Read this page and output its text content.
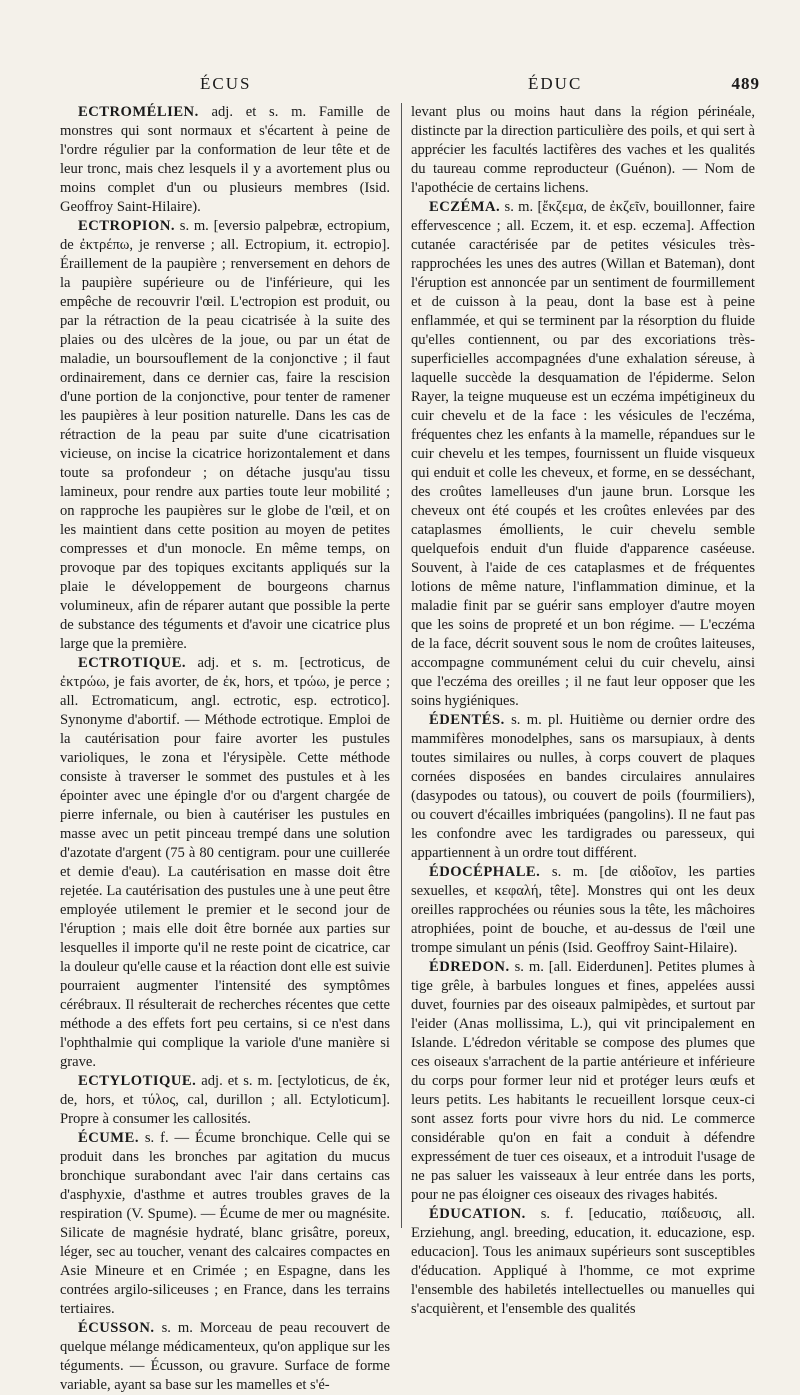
ÉCUS	ÉDUC	489

ECTROMÉLIEN. adj. et s. m. Famille de monstres qui sont normaux et s'écartent à peine de l'ordre régulier par la conformation de leur tête et de leur tronc, mais chez lesquels il y a avortement plus ou moins complet d'un ou plusieurs membres (Isid. Geoffroy Saint-Hilaire).

ECTROPION. s. m. [eversio palpebræ, ectropium, de ἐκτρέπω, je renverse ; all. Ectropium, it. ectropio]. Éraillement de la paupière ; renversement en dehors de la paupière supérieure ou de l'inférieure, qui les empêche de recouvrir l'œil. L'ectropion est produit, ou par la rétraction de la peau cicatrisée à la suite des plaies ou des ulcères de la joue, ou par un état de maladie, un boursouflement de la conjonctive ; il faut ordinairement, dans ce dernier cas, faire la rescision d'une portion de la conjonctive, pour tenter de ramener les paupières à leur position naturelle. Dans les cas de rétraction de la peau par suite d'une cicatrisation vicieuse, on incise la cicatrice horizontalement et dans toute sa profondeur ; on détache jusqu'au tissu lamineux, pour rendre aux parties toute leur mobilité ; on rapproche les paupières sur le globe de l'œil, et on les maintient dans cette position au moyen de petites compresses et d'un monocle. En même temps, on provoque par des topiques excitants appliqués sur la plaie le développement de bourgeons charnus volumineux, afin de réparer autant que possible la perte de substance des téguments et d'avoir une cicatrice plus large que la première.

ECTROTIQUE. adj. et s. m. [ectroticus, de ἐκτρώω, je fais avorter, de ἐκ, hors, et τρώω, je perce ; all. Ectromaticum, angl. ectrotic, esp. ectrotico]. Synonyme d'abortif. — Méthode ectrotique. Emploi de la cautérisation pour faire avorter les pustules varioliques, le zona et l'érysipèle. Cette méthode consiste à traverser le sommet des pustules et à les épointer avec une épingle d'or ou d'argent chargée de pierre infernale, ou bien à cautériser les pustules en masse avec un petit pinceau trempé dans une solution d'azotate d'argent (75 à 80 centigram. pour une cuillerée et demie d'eau). La cautérisation en masse doit être rejetée. La cautérisation des pustules une à une peut être employée utilement le premier et le second jour de l'éruption ; mais elle doit être bornée aux parties sur lesquelles il importe qu'il ne reste point de cicatrice, car la douleur qu'elle cause et la réaction dont elle est suivie pourraient augmenter l'intensité des symptômes cérébraux. Il résulterait de recherches récentes que cette méthode a des effets fort peu certains, si ce n'est dans l'ophthalmie qui complique la variole d'une manière si grave.

ECTYLOTIQUE. adj. et s. m. [ectyloticus, de ἐκ, de, hors, et τύλος, cal, durillon ; all. Ectyloticum]. Propre à consumer les callosités.

ÉCUME. s. f. — Écume bronchique. Celle qui se produit dans les bronches par agitation du mucus bronchique surabondant avec l'air dans certains cas d'asphyxie, d'asthme et autres troubles graves de la respiration (V. Spume). — Écume de mer ou magnésite. Silicate de magnésie hydraté, blanc grisâtre, poreux, léger, sec au toucher, venant des calcaires compactes en Asie Mineure et en Crimée ; en Espagne, dans les contrées argilo-siliceuses ; en France, dans les terrains tertiaires.

ÉCUSSON. s. m. Morceau de peau recouvert de quelque mélange médicamenteux, qu'on applique sur les téguments. — Écusson, ou gravure. Surface de forme variable, ayant sa base sur les mamelles et s'é-

levant plus ou moins haut dans la région périnéale, distincte par la direction particulière des poils, et qui sert à apprécier les facultés lactifères des vaches et les qualités du taureau comme reproducteur (Guénon). — Nom de l'apothécie de certains lichens.

ECZÉMA. s. m. [ἔκζεμα, de ἐκζεῖν, bouillonner, faire effervescence ; all. Eczem, it. et esp. eczema]. Affection cutanée caractérisée par de petites vésicules très-rapprochées les unes des autres (Willan et Bateman), dont l'éruption est annoncée par un sentiment de fourmillement et de cuisson à la peau, dont la base est à peine enflammée, et qui se terminent par la résorption du fluide qu'elles contiennent, ou par des excoriations très-superficielles accompagnées d'une exhalation séreuse, à laquelle succède la desquamation de l'épiderme. Selon Rayer, la teigne muqueuse est un eczéma impétigineux du cuir chevelu et de la face : les vésicules de l'eczéma, fréquentes chez les enfants à la mamelle, répandues sur le cuir chevelu et les tempes, fournissent un fluide visqueux qui enduit et colle les cheveux, et forme, en se desséchant, des croûtes lamelleuses d'un jaune brun. Lorsque les cheveux ont été coupés et les croûtes enlevées par des cataplasmes émollients, le cuir chevelu semble quelquefois enduit d'un fluide d'apparence caséeuse. Souvent, à l'aide de ces cataplasmes et de fréquentes lotions de même nature, l'inflammation diminue, et la maladie finit par se guérir sans employer d'autre moyen que les soins de propreté et un bon régime. — L'eczéma de la face, décrit souvent sous le nom de croûtes laiteuses, accompagne communément celui du cuir chevelu, ainsi que l'eczéma des oreilles ; il ne faut leur opposer que les soins hygiéniques.

ÉDENTÉS. s. m. pl. Huitième ou dernier ordre des mammifères monodelphes, sans os marsupiaux, à dents toutes similaires ou nulles, à corps couvert de plaques cornées disposées en bandes circulaires annulaires (dasypodes ou tatous), ou couvert de poils (fourmiliers), ou couvert d'écailles imbriquées (pangolins). Il ne faut pas les confondre avec les tardigrades ou paresseux, qui appartiennent à un ordre tout différent.

ÉDOCÉPHALE. s. m. [de αἰδοῖον, les parties sexuelles, et κεφαλή, tête]. Monstres qui ont les deux oreilles rapprochées ou réunies sous la tête, les mâchoires atrophiées, point de bouche, et au-dessus de l'œil une trompe simulant un pénis (Isid. Geoffroy Saint-Hilaire).

ÉDREDON. s. m. [all. Eiderdunen]. Petites plumes à tige grêle, à barbules longues et fines, appelées aussi duvet, fournies par des oiseaux palmipèdes, et surtout par l'eider (Anas mollissima, L.), qui vit principalement en Islande. L'édredon véritable se compose des plumes que ces oiseaux s'arrachent de la partie antérieure et inférieure du corps pour former leur nid et protéger leurs œufs et leurs petits. Les habitants le recueillent lorsque ceux-ci sont assez forts pour vivre hors du nid. Le commerce considérable qu'on en fait a conduit à défendre expressément de tuer ces oiseaux, et a introduit l'usage de ne pas saluer les vaisseaux à leur entrée dans les ports, pour ne pas éloigner ces oiseaux des rivages habités.

ÉDUCATION. s. f. [educatio, παίδευσις, all. Erziehung, angl. breeding, education, it. educazione, esp. educacion]. Tous les animaux supérieurs sont susceptibles d'éducation. Appliqué à l'homme, ce mot exprime l'ensemble des habiletés intellectuelles ou manuelles qui s'acquièrent, et l'ensemble des qualités
